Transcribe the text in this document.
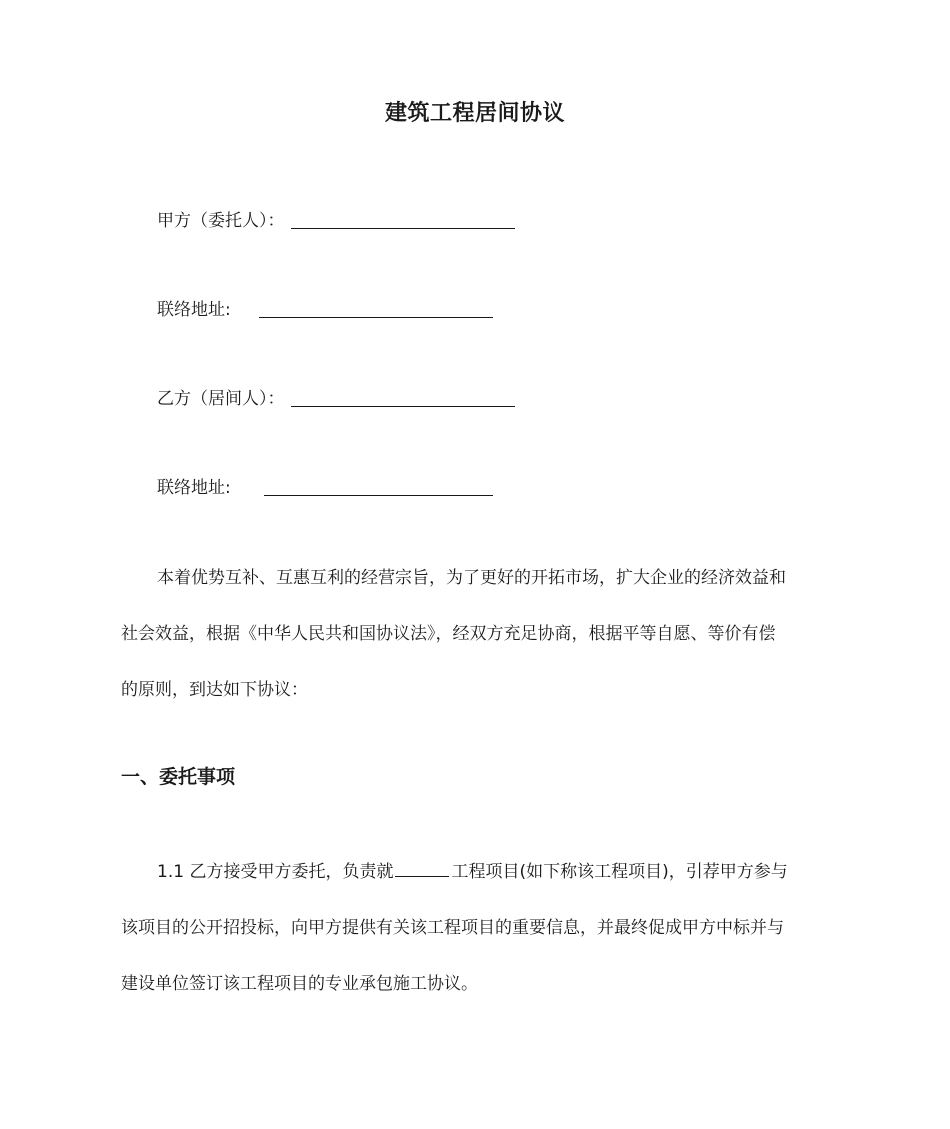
建筑工程居间协议
甲方（委托人）：
联络地址:
乙方（居间人）：
联络地址:
本着优势互补、互惠互利的经营宗旨，为了更好的开拓市场，扩大企业的经济效益和
社会效益，根据《中华人民共和国协议法》，经双方充足协商，根据平等自愿、等价有偿
的原则，到达如下协议：
一、委托事项
1.1 乙方接受甲方委托，负责就	工程项目(如下称该工程项目)，引荐甲方参与
该项目的公开招投标，向甲方提供有关该工程项目的重要信息，并最终促成甲方中标并与
建设单位签订该工程项目的专业承包施工协议。
